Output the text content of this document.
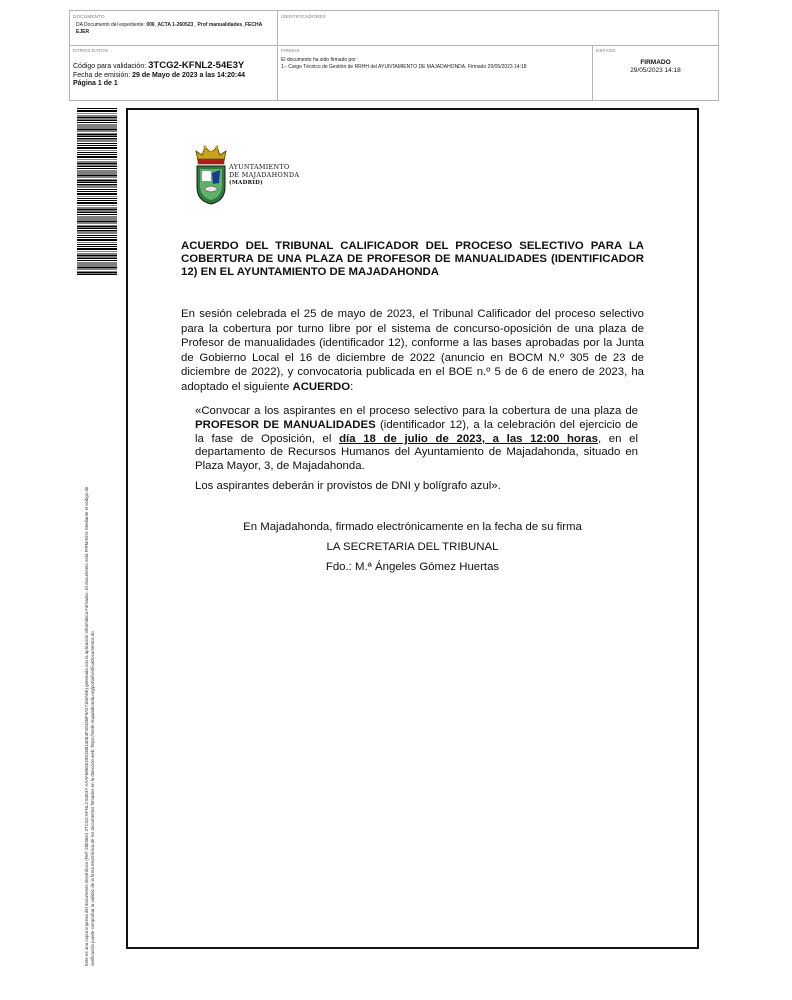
DOCUMENTO
DA Documento del expediente: 006_ACTA 1-260523_ Prof manualidades_FECHA EJER
IDENTIFICADORES
OTROS DATOS
Código para validación: 3TCG2-KFNL2-54E3Y
Fecha de emisión: 29 de Mayo de 2023 a las 14:20:44
Página 1 de 1
FIRMAS
El documento ha sido firmado por :
1.- Cargo Técnico de Gestión de RRHH del AYUNTAMIENTO DE MAJADAHONDA. Firmado 29/05/2023 14:18
ESTADO
FIRMADO
29/05/2023 14:18
Este es una copia impresa del documento electrónico (Ref: 2803661 3TCG2-KFNL2-54E3Y AAAF6852E29D2B8140E4F1E32BF9A27160A6E) generada con la aplicación informática Firmadoc. El documento está FIRMADO. Mediante el código de verificación puede comprobar la validez de la firma electrónica de los documentos firmados en la dirección web: https://sede.majadahonda.org/portal/verificaDocumentos.do
AYUNTAMIENTO
DE MAJADAHONDA
(MADRID)
ACUERDO DEL TRIBUNAL CALIFICADOR DEL PROCESO SELECTIVO PARA LA COBERTURA DE UNA PLAZA DE PROFESOR DE MANUALIDADES (IDENTIFICADOR 12) EN EL AYUNTAMIENTO DE MAJADAHONDA
En sesión celebrada el 25 de mayo de 2023, el Tribunal Calificador del proceso selectivo para la cobertura por turno libre por el sistema de concurso-oposición de una plaza de Profesor de manualidades (identificador 12), conforme a las bases aprobadas por la Junta de Gobierno Local el 16 de diciembre de 2022 (anuncio en BOCM N.º 305 de 23 de diciembre de 2022), y convocatoria publicada en el BOE n.º 5 de 6 de enero de 2023, ha adoptado el siguiente ACUERDO:
«Convocar a los aspirantes en el proceso selectivo para la cobertura de una plaza de PROFESOR DE MANUALIDADES (identificador 12), a la celebración del ejercicio de la fase de Oposición, el día 18 de julio de 2023, a las 12:00 horas, en el departamento de Recursos Humanos del Ayuntamiento de Majadahonda, situado en Plaza Mayor, 3, de Majadahonda.
Los aspirantes deberán ir provistos de DNI y bolígrafo azul».
En Majadahonda, firmado electrónicamente en la fecha de su firma
LA SECRETARIA DEL TRIBUNAL
Fdo.: M.ª Ángeles Gómez Huertas
